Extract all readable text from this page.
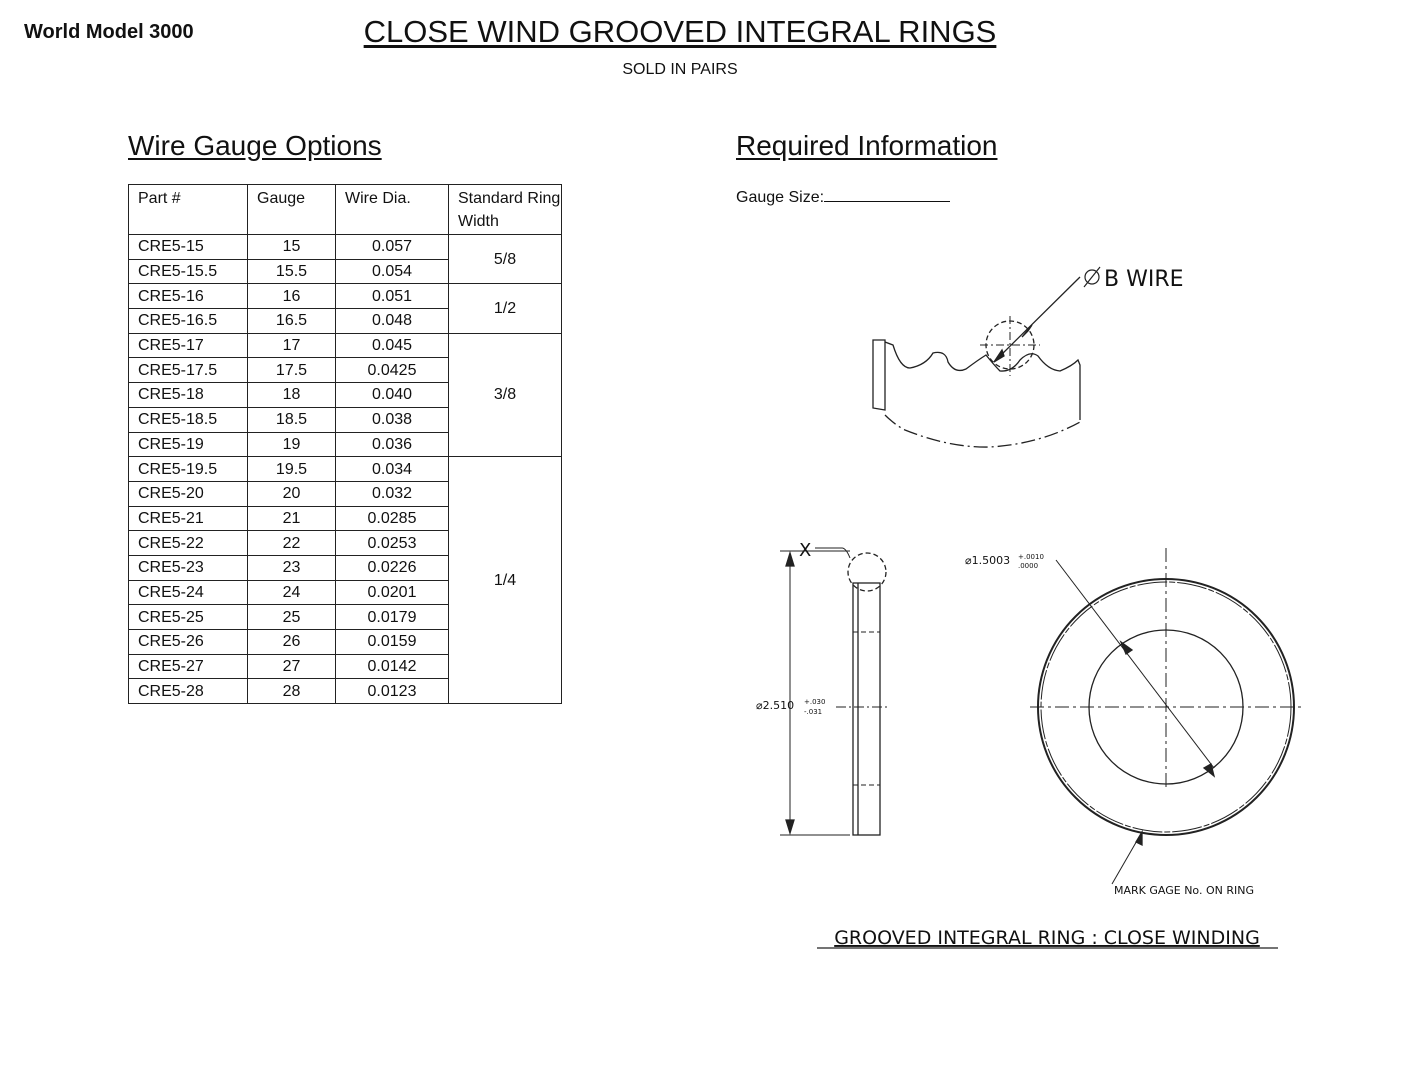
World Model 3000	CLOSE WIND GROOVED INTEGRAL RINGS
SOLD IN PAIRS
Wire Gauge Options	Required Information
Gauge Size:
Part #	Gauge	Wire Dia.	Standard Ring Width
CRE5-15	15	0.057	5/8
CRE5-15.5	15.5	0.054	
CRE5-16	16	0.051	1/2
CRE5-16.5	16.5	0.048	
CRE5-17	17	0.045	3/8
CRE5-17.5	17.5	0.0425	
CRE5-18	18	0.040	
CRE5-18.5	18.5	0.038	
CRE5-19	19	0.036	
CRE5-19.5	19.5	0.034	1/4
CRE5-20	20	0.032	
CRE5-21	21	0.0285	
CRE5-22	22	0.0253	
CRE5-23	23	0.0226	
CRE5-24	24	0.0201	
CRE5-25	25	0.0179	
CRE5-26	26	0.0159	
CRE5-27	27	0.0142	
CRE5-28	28	0.0123	
B WIRE
X
⌀2.510 +.030
-.031
⌀1.5003 +.0010
.0000
MARK GAGE No. ON RING
GROOVED INTEGRAL RING : CLOSE WINDING
